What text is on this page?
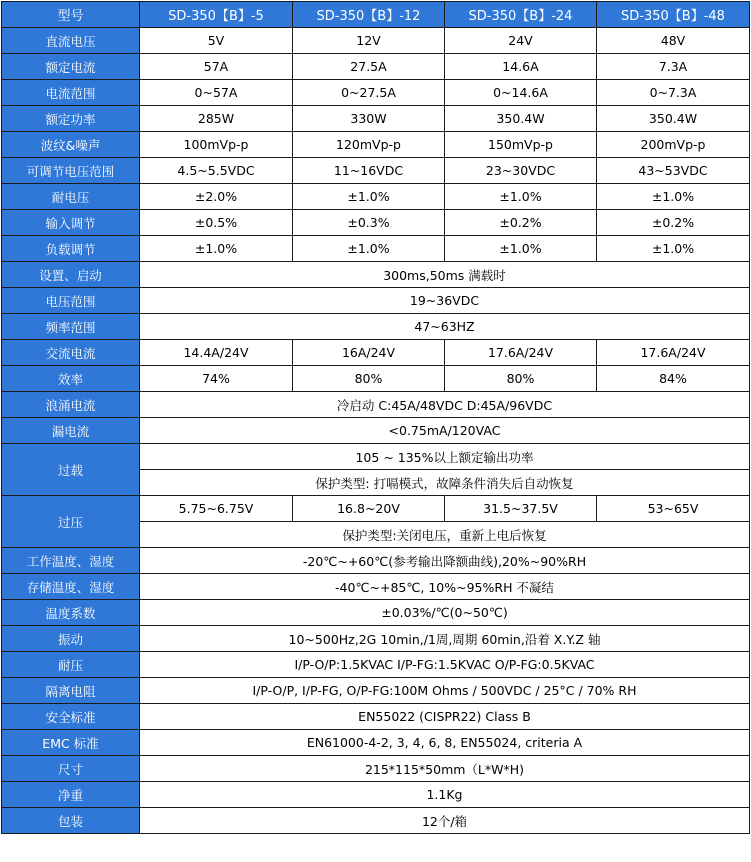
型号	SD-350【B】-5	SD-350【B】-12	SD-350【B】-24	SD-350【B】-48
直流电压	5V	12V	24V	48V
额定电流	57A	27.5A	14.6A	7.3A
电流范围	0~57A	0~27.5A	0~14.6A	0~7.3A
额定功率	285W	330W	350.4W	350.4W
波纹&噪声	100mVp-p	120mVp-p	150mVp-p	200mVp-p
可调节电压范围	4.5~5.5VDC	11~16VDC	23~30VDC	43~53VDC
耐电压	±2.0%	±1.0%	±1.0%	±1.0%
输入调节	±0.5%	±0.3%	±0.2%	±0.2%
负载调节	±1.0%	±1.0%	±1.0%	±1.0%
设置、启动	300ms,50ms 满载时			
电压范围	19~36VDC			
频率范围	47~63HZ			
交流电流	14.4A/24V	16A/24V	17.6A/24V	17.6A/24V
效率	74%	80%	80%	84%
浪涌电流	冷启动 C:45A/48VDC D:45A/96VDC			
漏电流	<0.75mA/120VAC			
过载	105 ~ 135%以上额定输出功率			
	保护类型: 打嗝模式，故障条件消失后自动恢复			
过压	5.75~6.75V	16.8~20V	31.5~37.5V	53~65V
	保护类型:关闭电压，重新上电后恢复			
工作温度、湿度	-20℃~+60℃(参考输出降额曲线),20%~90%RH			
存储温度、湿度	-40℃~+85℃, 10%~95%RH 不凝结			
温度系数	±0.03%/℃(0~50℃)			
振动	10~500Hz,2G 10min,/1周,周期 60min,沿着 X.Y.Z 轴			
耐压	I/P-O/P:1.5KVAC I/P-FG:1.5KVAC O/P-FG:0.5KVAC			
隔离电阻	I/P-O/P, I/P-FG, O/P-FG:100M Ohms / 500VDC / 25°C / 70% RH			
安全标准	EN55022 (CISPR22) Class B			
EMC 标准	EN61000-4-2, 3, 4, 6, 8, EN55024, criteria A			
尺寸	215*115*50mm（L*W*H)			
净重	1.1Kg			
包装	12个/箱			
